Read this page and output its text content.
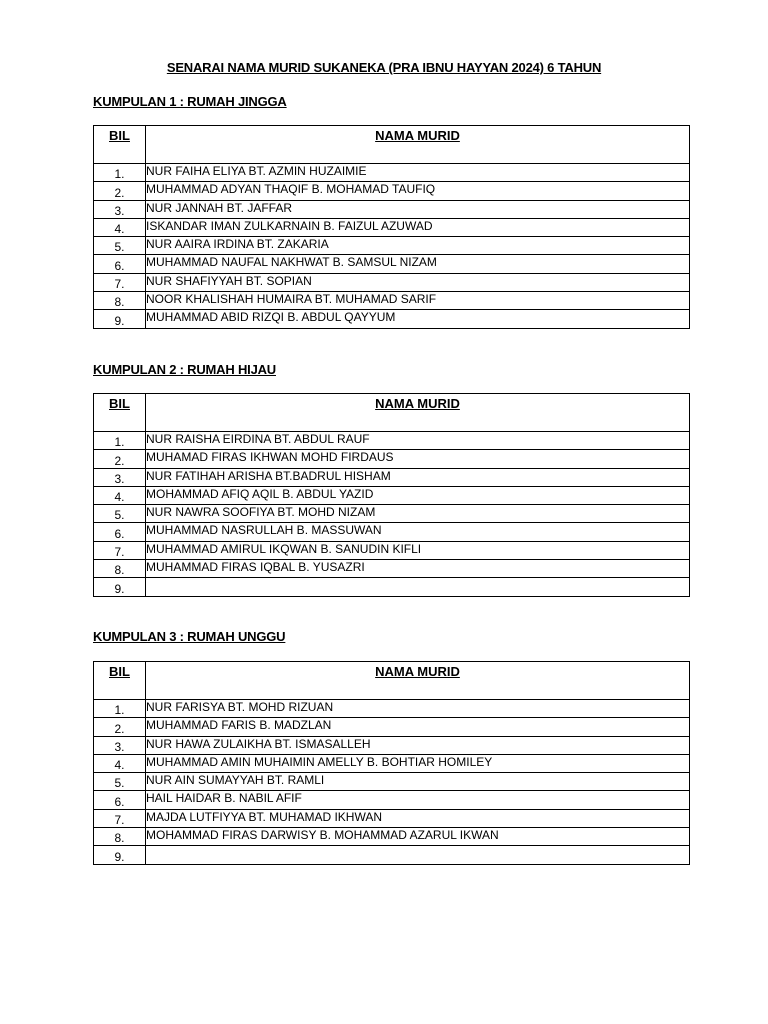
SENARAI NAMA MURID SUKANEKA (PRA IBNU HAYYAN 2024) 6 TAHUN
KUMPULAN 1 : RUMAH JINGGA
BIL	NAMA MURID
1.	NUR FAIHA ELIYA BT. AZMIN HUZAIMIE
2.	MUHAMMAD ADYAN THAQIF B. MOHAMAD TAUFIQ
3.	NUR JANNAH BT. JAFFAR
4.	ISKANDAR IMAN ZULKARNAIN B. FAIZUL AZUWAD
5.	NUR AAIRA IRDINA BT. ZAKARIA
6.	MUHAMMAD NAUFAL NAKHWAT B. SAMSUL NIZAM
7.	NUR SHAFIYYAH BT. SOPIAN
8.	NOOR KHALISHAH HUMAIRA BT. MUHAMAD SARIF
9.	MUHAMMAD ABID RIZQI B. ABDUL QAYYUM
KUMPULAN 2 : RUMAH HIJAU
BIL	NAMA MURID
1.	NUR RAISHA EIRDINA BT. ABDUL RAUF
2.	MUHAMAD FIRAS IKHWAN MOHD FIRDAUS
3.	NUR FATIHAH ARISHA BT.BADRUL HISHAM
4.	MOHAMMAD AFIQ AQIL B. ABDUL YAZID
5.	NUR NAWRA SOOFIYA BT. MOHD NIZAM
6.	MUHAMMAD NASRULLAH B. MASSUWAN
7.	MUHAMMAD AMIRUL IKQWAN B. SANUDIN KIFLI
8.	MUHAMMAD FIRAS IQBAL B. YUSAZRI
9.	
KUMPULAN 3 : RUMAH UNGGU
BIL	NAMA MURID
1.	NUR FARISYA BT. MOHD RIZUAN
2.	MUHAMMAD FARIS B. MADZLAN
3.	NUR HAWA ZULAIKHA BT. ISMASALLEH
4.	MUHAMMAD AMIN MUHAIMIN AMELLY B. BOHTIAR HOMILEY
5.	NUR AIN SUMAYYAH BT. RAMLI
6.	HAIL HAIDAR B. NABIL AFIF
7.	MAJDA LUTFIYYA BT. MUHAMAD IKHWAN
8.	MOHAMMAD FIRAS DARWISY B. MOHAMMAD AZARUL IKWAN
9.	
